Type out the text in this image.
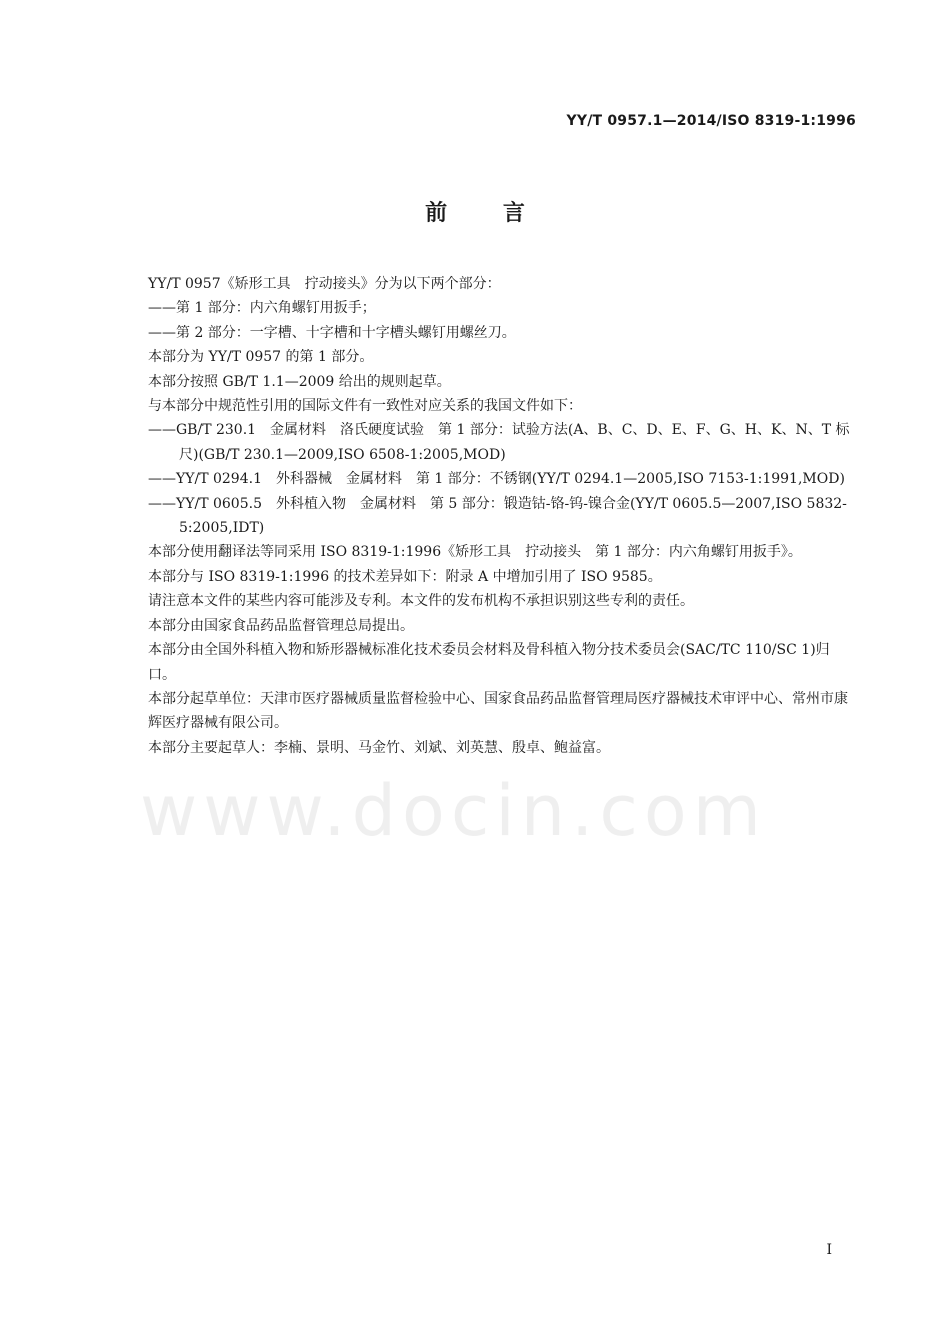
YY/T 0957.1—2014/ISO 8319-1:1996
前	言

YY/T 0957《矫形工具　拧动接头》分为以下两个部分：

——第 1 部分：内六角螺钉用扳手；

——第 2 部分：一字槽、十字槽和十字槽头螺钉用螺丝刀。

本部分为 YY/T 0957 的第 1 部分。

本部分按照 GB/T 1.1—2009 给出的规则起草。

与本部分中规范性引用的国际文件有一致性对应关系的我国文件如下：

——GB/T 230.1　金属材料　洛氏硬度试验　第 1 部分：试验方法(A、B、C、D、E、F、G、H、K、N、T 标尺)(GB/T 230.1—2009,ISO 6508-1:2005,MOD)

——YY/T 0294.1　外科器械　金属材料　第 1 部分：不锈钢(YY/T 0294.1—2005,ISO 7153-1:1991,MOD)

——YY/T 0605.5　外科植入物　金属材料　第 5 部分：锻造钴-铬-钨-镍合金(YY/T 0605.5—2007,ISO 5832-5:2005,IDT)

本部分使用翻译法等同采用 ISO 8319-1:1996《矫形工具　拧动接头　第 1 部分：内六角螺钉用扳手》。

本部分与 ISO 8319-1:1996 的技术差异如下：附录 A 中增加引用了 ISO 9585。

请注意本文件的某些内容可能涉及专利。本文件的发布机构不承担识别这些专利的责任。

本部分由国家食品药品监督管理总局提出。

本部分由全国外科植入物和矫形器械标准化技术委员会材料及骨科植入物分技术委员会(SAC/TC 110/SC 1)归口。

本部分起草单位：天津市医疗器械质量监督检验中心、国家食品药品监督管理局医疗器械技术审评中心、常州市康辉医疗器械有限公司。

本部分主要起草人：李楠、景明、马金竹、刘斌、刘英慧、殷卓、鲍益富。

www.docin.com
I
